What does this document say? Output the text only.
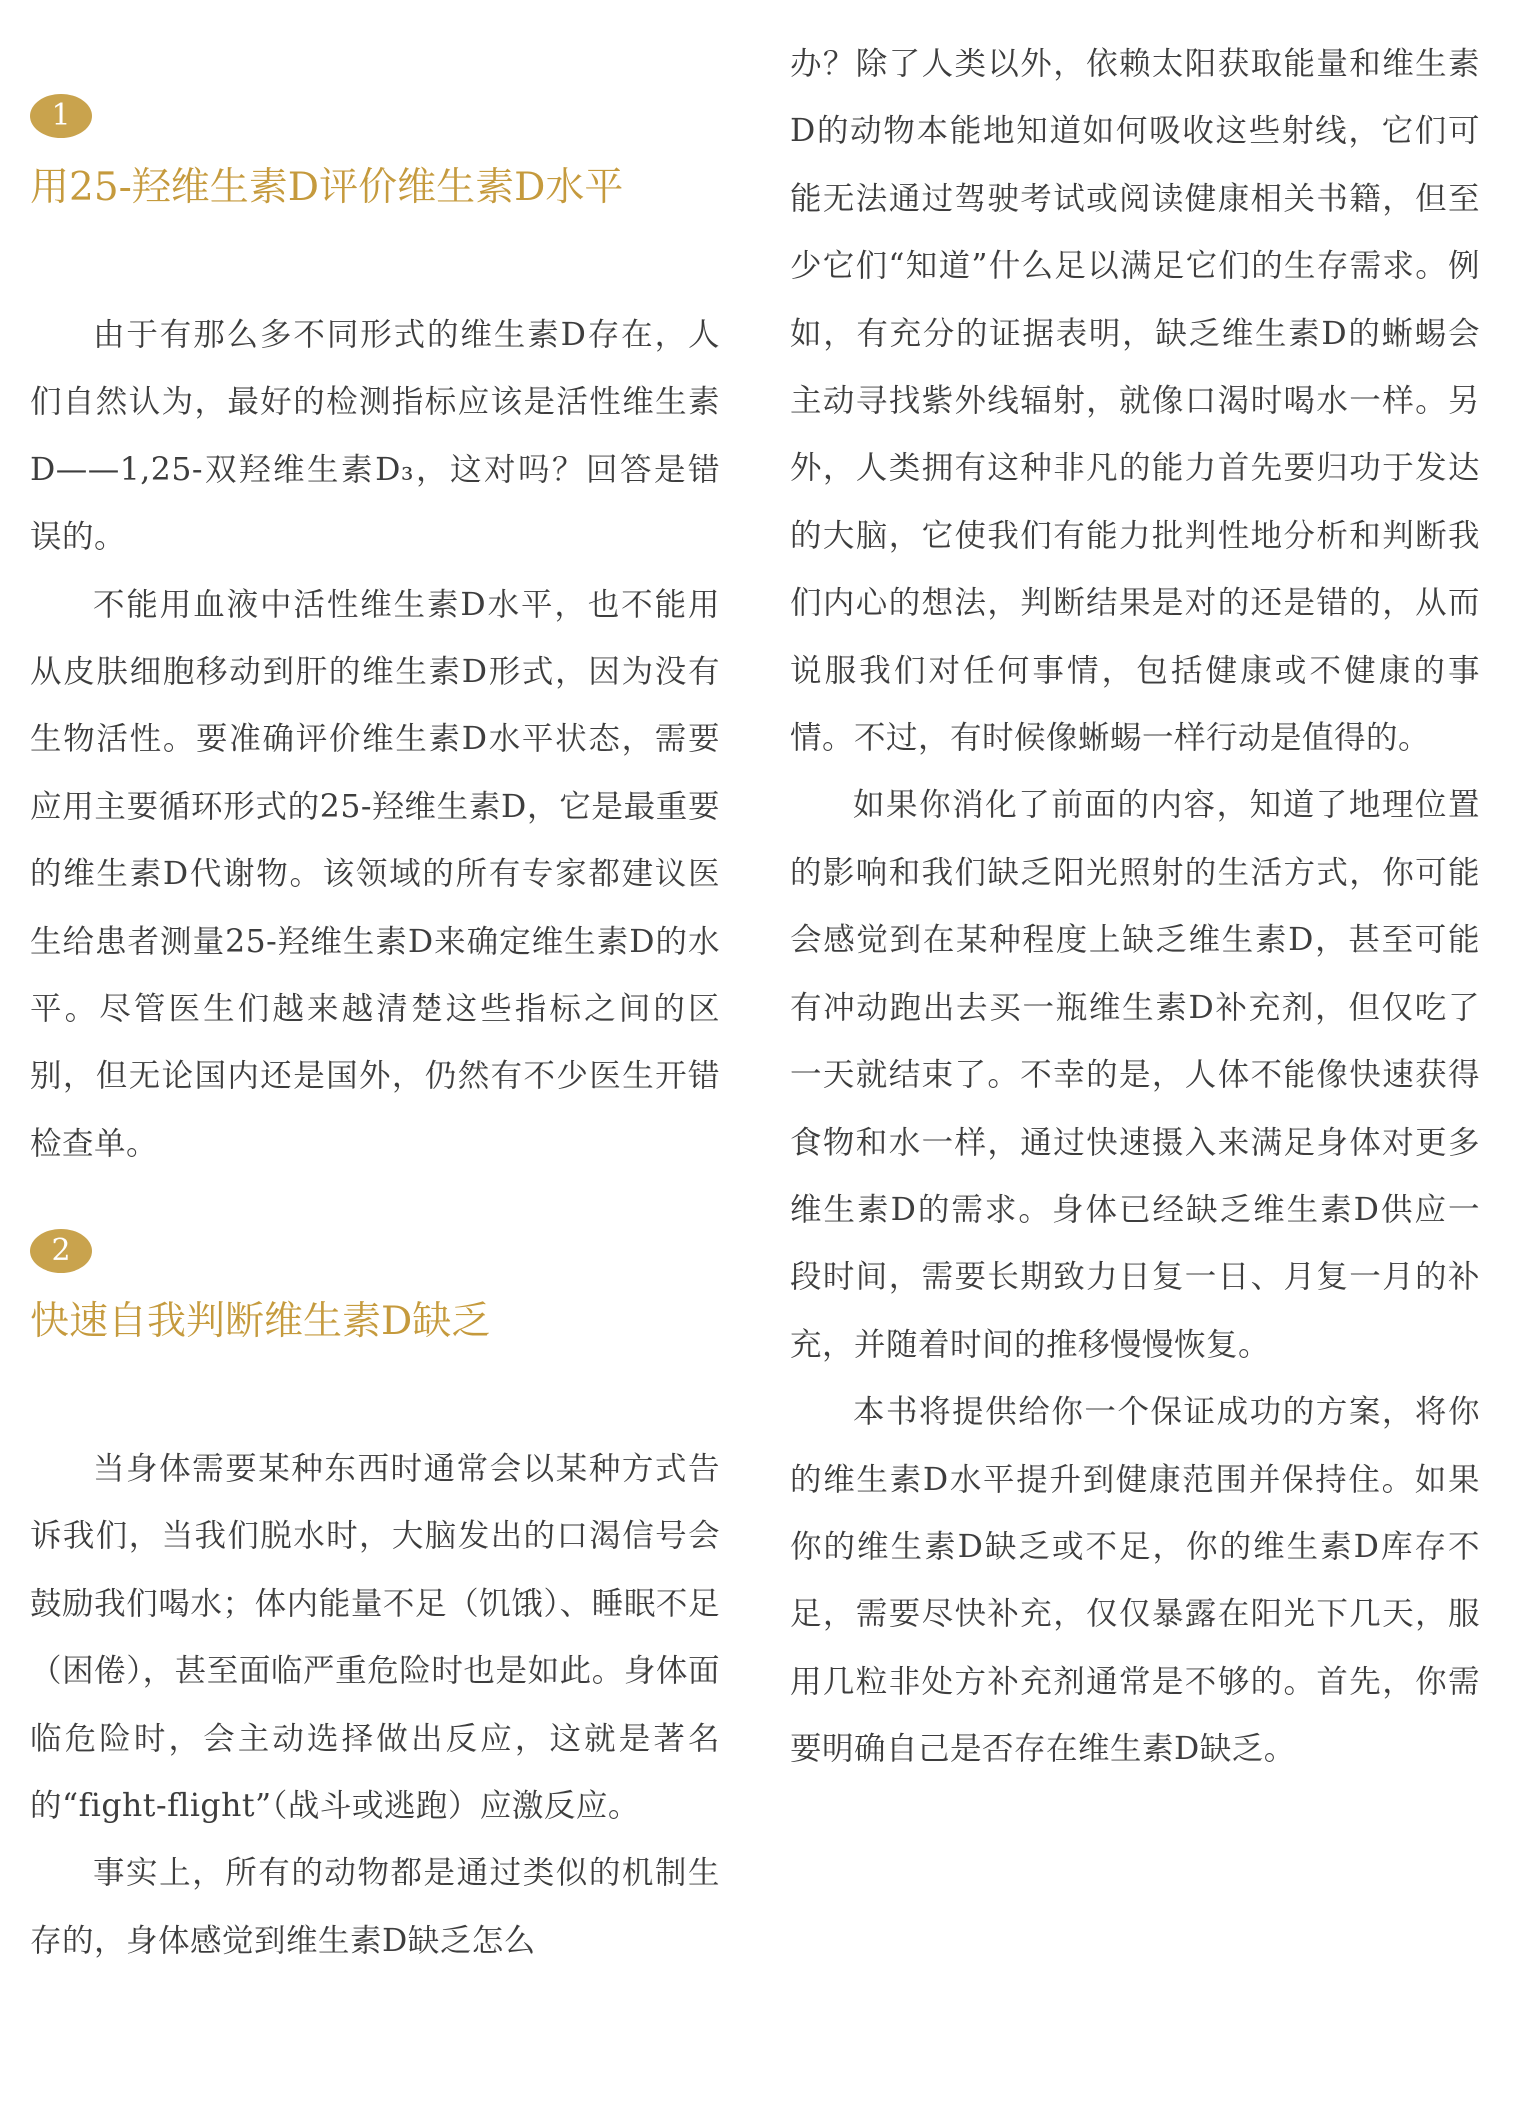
1
用25-羟维生素D评价维生素D水平

由于有那么多不同形式的维生素D存在，人们自然认为，最好的检测指标应该是活性维生素D——1,25-双羟维生素D₃，这对吗？回答是错误的。

不能用血液中活性维生素D水平，也不能用从皮肤细胞移动到肝的维生素D形式，因为没有生物活性。要准确评价维生素D水平状态，需要应用主要循环形式的25-羟维生素D，它是最重要的维生素D代谢物。该领域的所有专家都建议医生给患者测量25-羟维生素D来确定维生素D的水平。尽管医生们越来越清楚这些指标之间的区别，但无论国内还是国外，仍然有不少医生开错检查单。

2
快速自我判断维生素D缺乏

当身体需要某种东西时通常会以某种方式告诉我们，当我们脱水时，大脑发出的口渴信号会鼓励我们喝水；体内能量不足（饥饿）、睡眠不足（困倦），甚至面临严重危险时也是如此。身体面临危险时，会主动选择做出反应，这就是著名的“fight-flight”（战斗或逃跑）应激反应。

事实上，所有的动物都是通过类似的机制生存的，身体感觉到维生素D缺乏怎么

办？除了人类以外，依赖太阳获取能量和维生素D的动物本能地知道如何吸收这些射线，它们可能无法通过驾驶考试或阅读健康相关书籍，但至少它们“知道”什么足以满足它们的生存需求。例如，有充分的证据表明，缺乏维生素D的蜥蜴会主动寻找紫外线辐射，就像口渴时喝水一样。另外，人类拥有这种非凡的能力首先要归功于发达的大脑，它使我们有能力批判性地分析和判断我们内心的想法，判断结果是对的还是错的，从而说服我们对任何事情，包括健康或不健康的事情。不过，有时候像蜥蜴一样行动是值得的。

如果你消化了前面的内容，知道了地理位置的影响和我们缺乏阳光照射的生活方式，你可能会感觉到在某种程度上缺乏维生素D，甚至可能有冲动跑出去买一瓶维生素D补充剂，但仅吃了一天就结束了。不幸的是，人体不能像快速获得食物和水一样，通过快速摄入来满足身体对更多维生素D的需求。身体已经缺乏维生素D供应一段时间，需要长期致力日复一日、月复一月的补充，并随着时间的推移慢慢恢复。

本书将提供给你一个保证成功的方案，将你的维生素D水平提升到健康范围并保持住。如果你的维生素D缺乏或不足，你的维生素D库存不足，需要尽快补充，仅仅暴露在阳光下几天，服用几粒非处方补充剂通常是不够的。首先，你需要明确自己是否存在维生素D缺乏。
